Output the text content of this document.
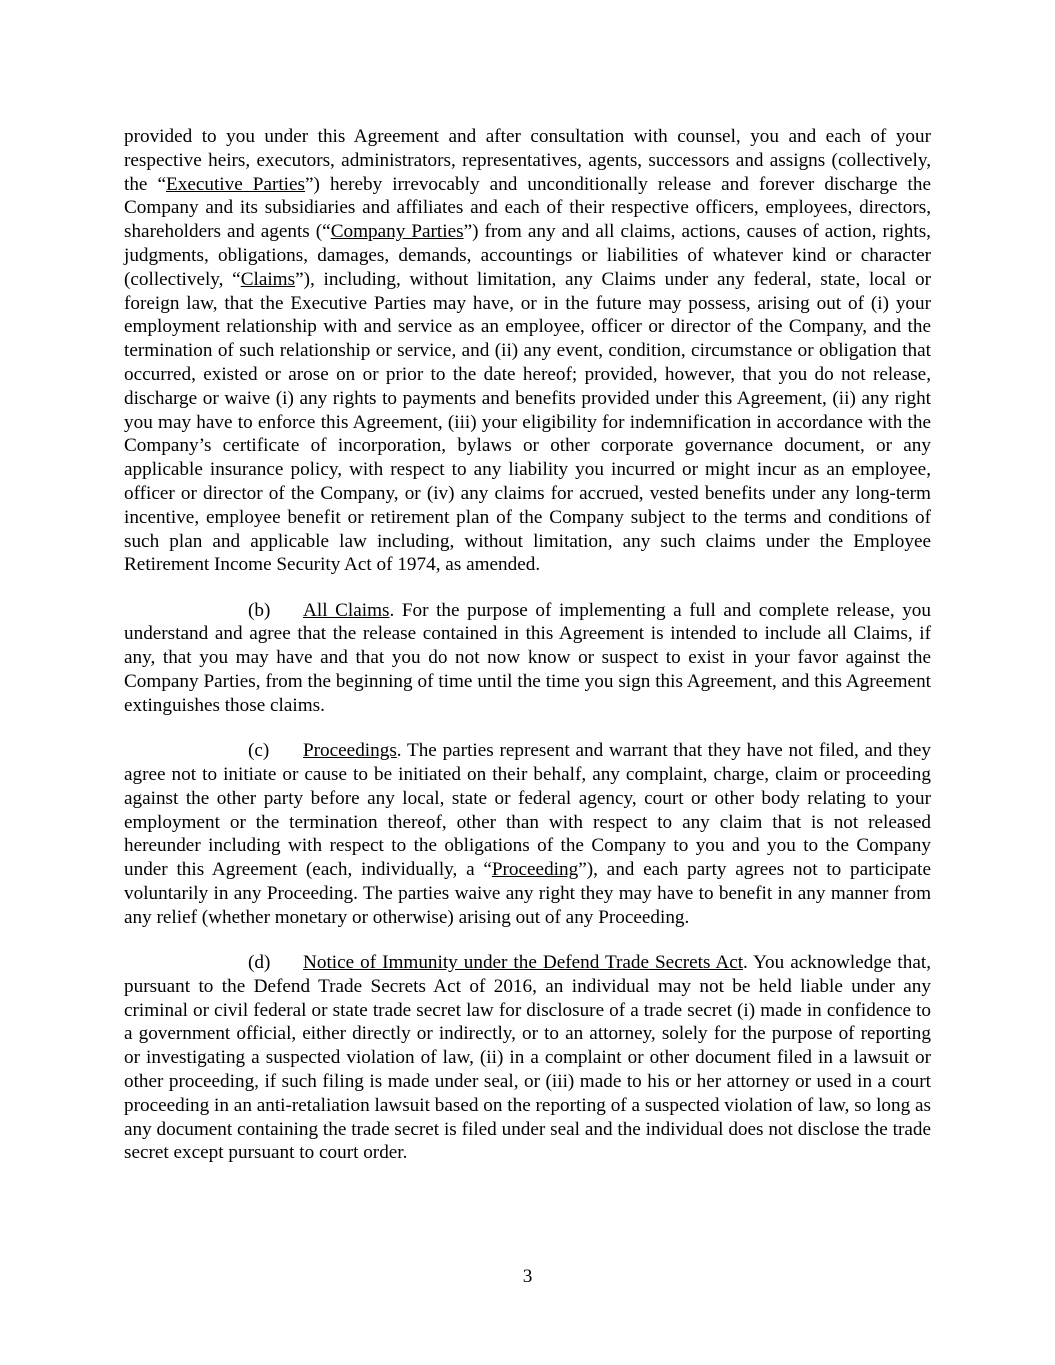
provided to you under this Agreement and after consultation with counsel, you and each of your respective heirs, executors, administrators, representatives, agents, successors and assigns (collectively, the “Executive Parties”) hereby irrevocably and unconditionally release and forever discharge the Company and its subsidiaries and affiliates and each of their respective officers, employees, directors, shareholders and agents (“Company Parties”) from any and all claims, actions, causes of action, rights, judgments, obligations, damages, demands, accountings or liabilities of whatever kind or character (collectively, “Claims”), including, without limitation, any Claims under any federal, state, local or foreign law, that the Executive Parties may have, or in the future may possess, arising out of (i) your employment relationship with and service as an employee, officer or director of the Company, and the termination of such relationship or service, and (ii) any event, condition, circumstance or obligation that occurred, existed or arose on or prior to the date hereof; provided, however, that you do not release, discharge or waive (i) any rights to payments and benefits provided under this Agreement, (ii) any right you may have to enforce this Agreement, (iii) your eligibility for indemnification in accordance with the Company’s certificate of incorporation, bylaws or other corporate governance document, or any applicable insurance policy, with respect to any liability you incurred or might incur as an employee, officer or director of the Company, or (iv) any claims for accrued, vested benefits under any long-term incentive, employee benefit or retirement plan of the Company subject to the terms and conditions of such plan and applicable law including, without limitation, any such claims under the Employee Retirement Income Security Act of 1974, as amended.

(b) All Claims. For the purpose of implementing a full and complete release, you understand and agree that the release contained in this Agreement is intended to include all Claims, if any, that you may have and that you do not now know or suspect to exist in your favor against the Company Parties, from the beginning of time until the time you sign this Agreement, and this Agreement extinguishes those claims.

(c) Proceedings. The parties represent and warrant that they have not filed, and they agree not to initiate or cause to be initiated on their behalf, any complaint, charge, claim or proceeding against the other party before any local, state or federal agency, court or other body relating to your employment or the termination thereof, other than with respect to any claim that is not released hereunder including with respect to the obligations of the Company to you and you to the Company under this Agreement (each, individually, a “Proceeding”), and each party agrees not to participate voluntarily in any Proceeding. The parties waive any right they may have to benefit in any manner from any relief (whether monetary or otherwise) arising out of any Proceeding.

(d) Notice of Immunity under the Defend Trade Secrets Act. You acknowledge that, pursuant to the Defend Trade Secrets Act of 2016, an individual may not be held liable under any criminal or civil federal or state trade secret law for disclosure of a trade secret (i) made in confidence to a government official, either directly or indirectly, or to an attorney, solely for the purpose of reporting or investigating a suspected violation of law, (ii) in a complaint or other document filed in a lawsuit or other proceeding, if such filing is made under seal, or (iii) made to his or her attorney or used in a court proceeding in an anti-retaliation lawsuit based on the reporting of a suspected violation of law, so long as any document containing the trade secret is filed under seal and the individual does not disclose the trade secret except pursuant to court order.

3
